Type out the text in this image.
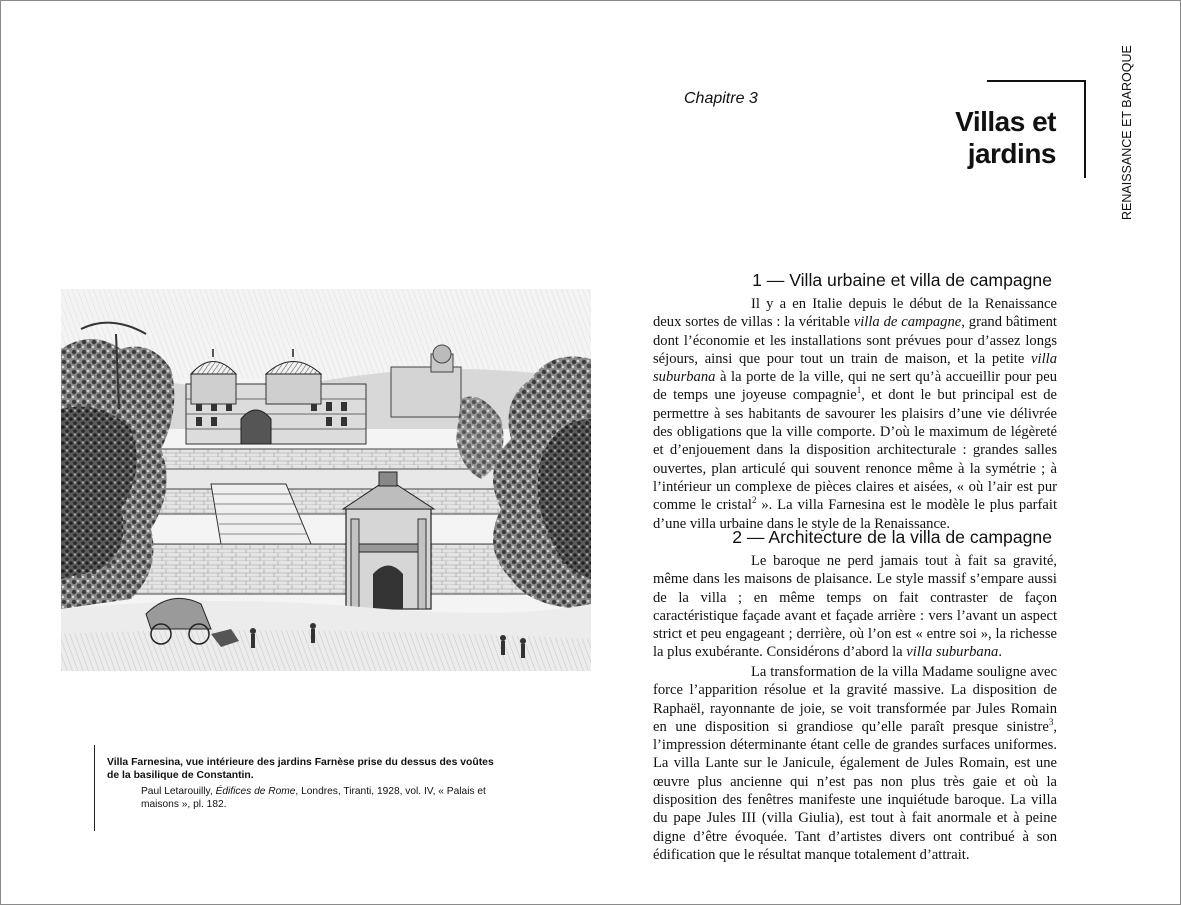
Villa Farnesina, vue intérieure des jardins Farnèse prise du dessus des voûtes de la basilique de Constantin.

Paul Letarouilly, Édifices de Rome, Londres, Tiranti, 1928, vol. IV, « Palais et maisons », pl. 182.

Chapitre 3
Villas et jardins	RENAISSANCE ET BAROQUE
1 — Villa urbaine et villa de campagne

Il y a en Italie depuis le début de la Renaissance deux sortes de villas : la véritable villa de campagne, grand bâtiment dont l’économie et les installations sont prévues pour d’assez longs séjours, ainsi que pour tout un train de maison, et la petite villa suburbana à la porte de la ville, qui ne sert qu’à accueillir pour peu de temps une joyeuse compagnie$^1$, et dont le but principal est de permettre à ses habitants de savourer les plaisirs d’une vie délivrée des obligations que la ville comporte. D’où le maximum de légèreté et d’enjouement dans la disposition architecturale : grandes salles ouvertes, plan articulé qui souvent renonce même à la symétrie ; à l’intérieur un complexe de pièces claires et aisées, « où l’air est pur comme le cristal$^2$ ». La villa Farnesina est le modèle le plus parfait d’une villa urbaine dans le style de la Renaissance.

2 — Architecture de la villa de campagne

Le baroque ne perd jamais tout à fait sa gravité, même dans les maisons de plaisance. Le style massif s’empare aussi de la villa ; en même temps on fait contraster de façon caractéristique façade avant et façade arrière : vers l’avant un aspect strict et peu engageant ; derrière, où l’on est « entre soi », la richesse la plus exubérante. Considérons d’abord la villa suburbana.

La transformation de la villa Madame souligne avec force l’apparition résolue et la gravité massive. La disposition de Raphaël, rayonnante de joie, se voit transformée par Jules Romain en une disposition si grandiose qu’elle paraît presque sinistre$^3$, l’impression déterminante étant celle de grandes surfaces uniformes. La villa Lante sur le Janicule, également de Jules Romain, est une œuvre plus ancienne qui n’est pas non plus très gaie et où la disposition des fenêtres manifeste une inquiétude baroque. La villa du pape Jules III (villa Giulia), est tout à fait anormale et à peine digne d’être évoquée. Tant d’artistes divers ont contribué à son édification que le résultat manque totalement d’attrait.
